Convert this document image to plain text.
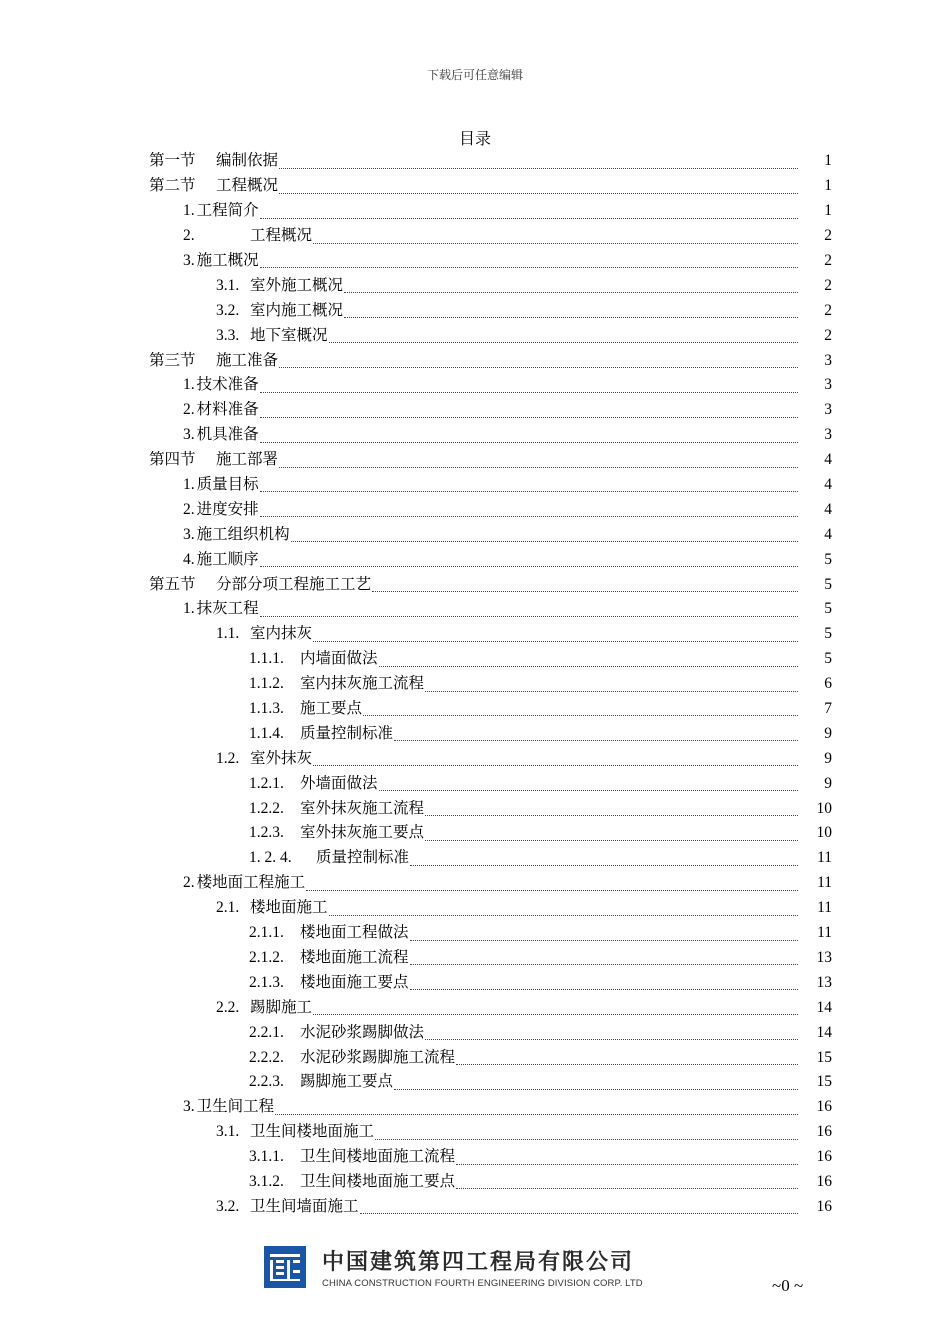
下载后可任意编辑
目录
第一节	编制依据	1
第二节	工程概况	1
1. 工程简介	1
2.	工程概况	2
3. 施工概况	2
3.1. 室外施工概况	2
3.2. 室内施工概况	2
3.3. 地下室概况	2
第三节	施工准备	3
1. 技术准备	3
2. 材料准备	3
3. 机具准备	3
第四节	施工部署	4
1. 质量目标	4
2. 进度安排	4
3. 施工组织机构	4
4. 施工顺序	5
第五节	分部分项工程施工工艺	5
1. 抹灰工程	5
1.1. 室内抹灰	5
1.1.1.	内墙面做法	5
1.1.2.	室内抹灰施工流程	6
1.1.3.	施工要点	7
1.1.4.	质量控制标准	9
1.2. 室外抹灰	9
1.2.1.	外墙面做法	9
1.2.2.	室外抹灰施工流程	10
1.2.3.	室外抹灰施工要点	10
1. 2. 4.	质量控制标准	11
2. 楼地面工程施工	11
2.1. 楼地面施工	11
2.1.1.	楼地面工程做法	11
2.1.2.	楼地面施工流程	13
2.1.3.	楼地面施工要点	13
2.2. 踢脚施工	14
2.2.1.	水泥砂浆踢脚做法	14
2.2.2.	水泥砂浆踢脚施工流程	15
2.2.3.	踢脚施工要点	15
3. 卫生间工程	16
3.1. 卫生间楼地面施工	16
3.1.1.	卫生间楼地面施工流程	16
3.1.2.	卫生间楼地面施工要点	16
3.2. 卫生间墙面施工	16
中国建筑第四工程局有限公司
CHINA CONSTRUCTION FOURTH ENGINEERING DIVISION CORP. LTD	~0 ~
